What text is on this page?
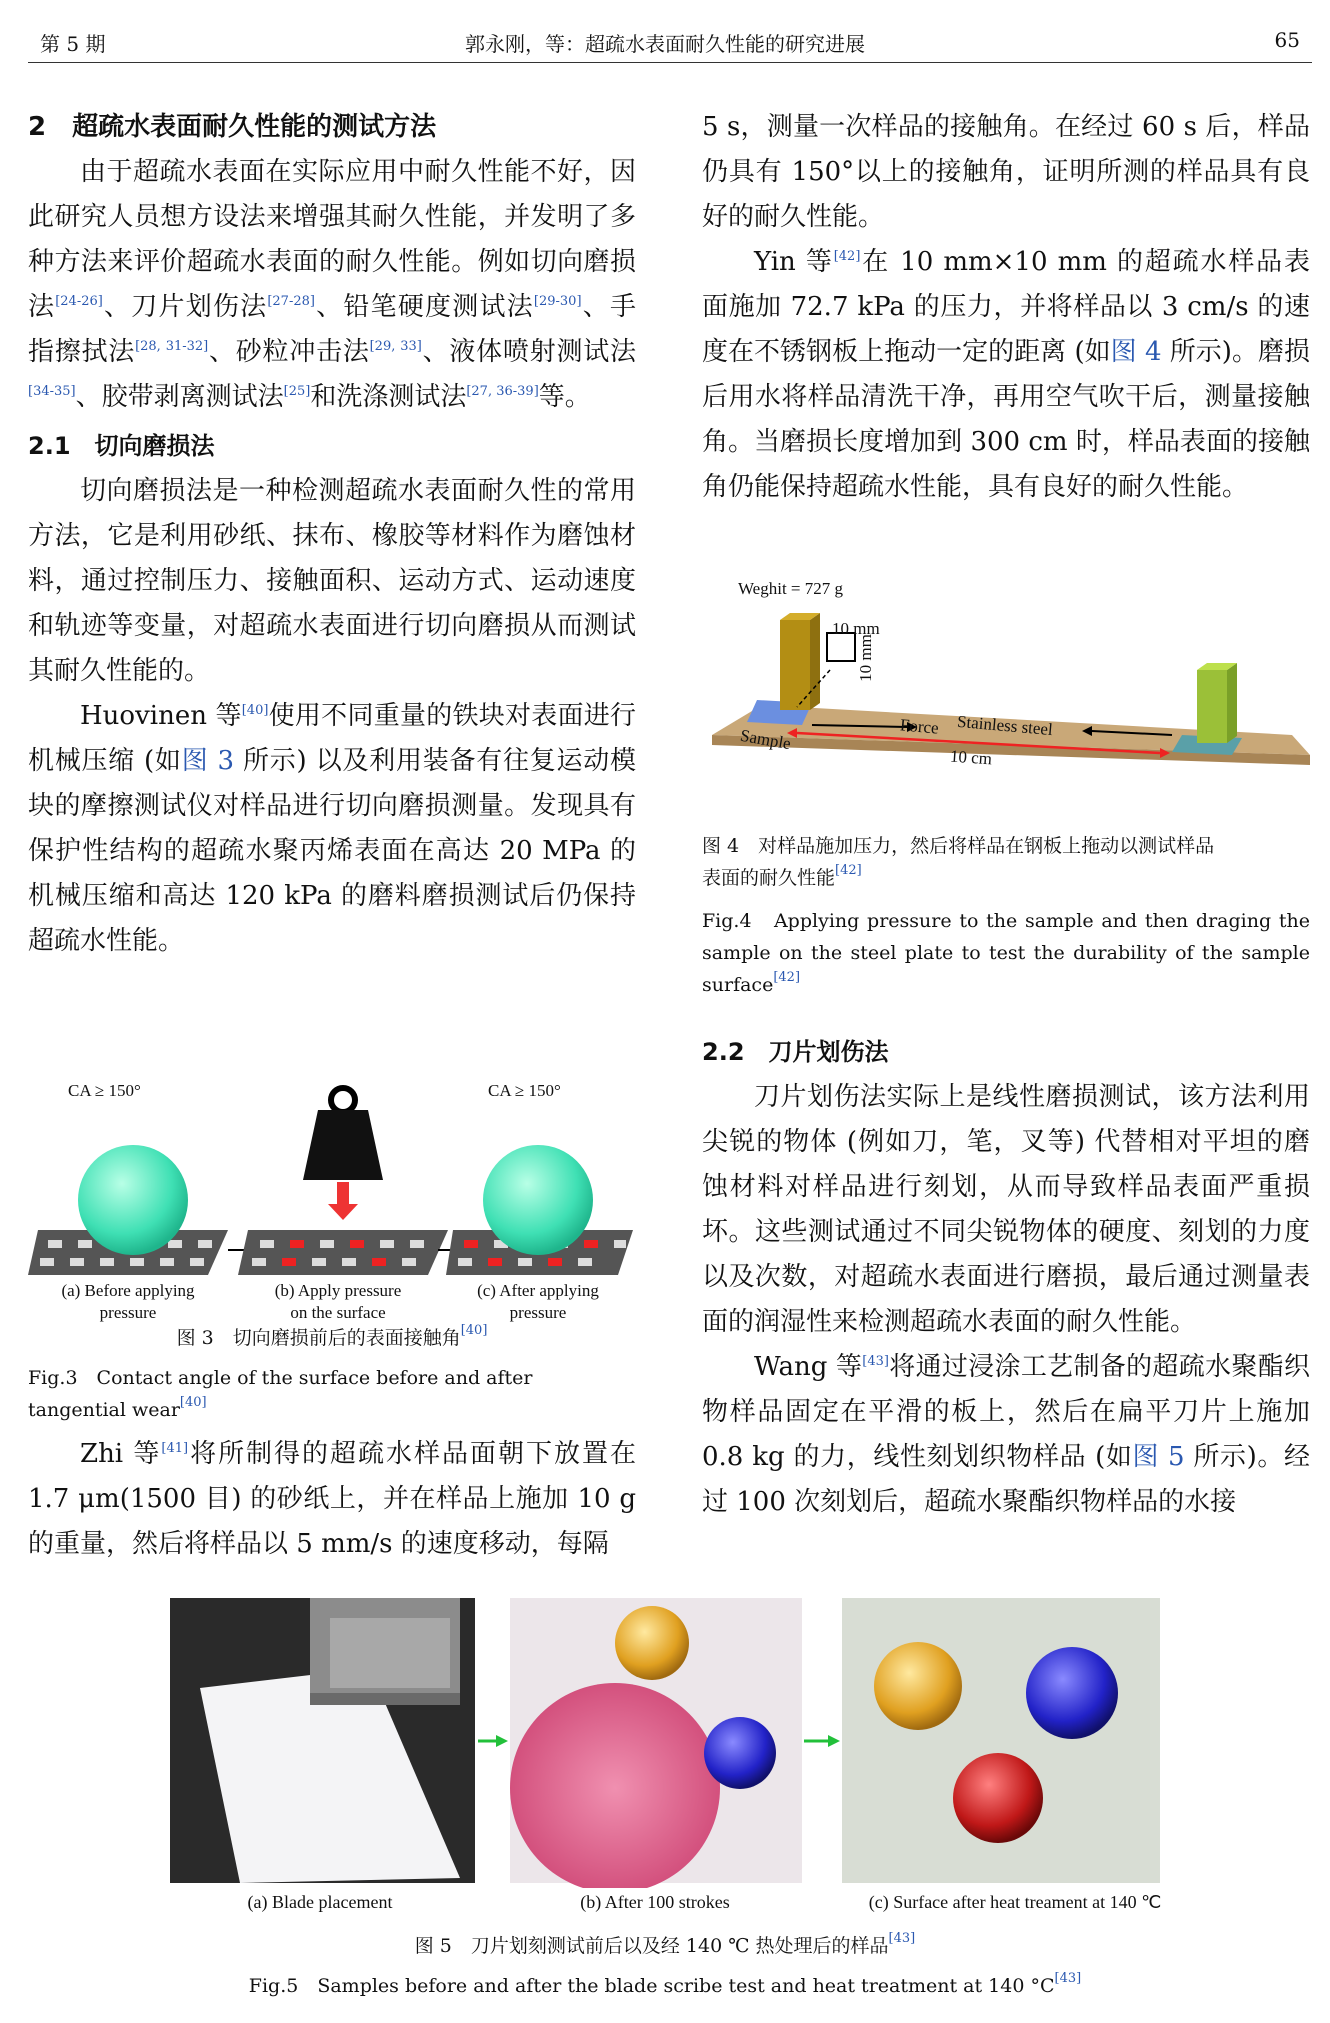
第 5 期	郭永刚，等：超疏水表面耐久性能的研究进展	65

2　超疏水表面耐久性能的测试方法

由于超疏水表面在实际应用中耐久性能不好，因此研究人员想方设法来增强其耐久性能，并发明了多种方法来评价超疏水表面的耐久性能。例如切向磨损法[24-26]、刀片划伤法[27-28]、铅笔硬度测试法[29-30]、手指擦拭法[28, 31-32]、砂粒冲击法[29, 33]、液体喷射测试法[34-35]、胶带剥离测试法[25]和洗涤测试法[27, 36-39]等。

2.1　切向磨损法

切向磨损法是一种检测超疏水表面耐久性的常用方法，它是利用砂纸、抹布、橡胶等材料作为磨蚀材料，通过控制压力、接触面积、运动方式、运动速度和轨迹等变量，对超疏水表面进行切向磨损从而测试其耐久性能的。

Huovinen 等[40]使用不同重量的铁块对表面进行机械压缩 (如图 3 所示) 以及利用装备有往复运动模块的摩擦测试仪对样品进行切向磨损测量。发现具有保护性结构的超疏水聚丙烯表面在高达 20 MPa 的机械压缩和高达 120 kPa 的磨料磨损测试后仍保持超疏水性能。

CA ≥ 150°	CA ≥ 150°
(a) Before applying
pressure
(b) Apply pressure
on the surface
(c) After applying
pressure
图 3　切向磨损前后的表面接触角[40]
Fig.3　Contact angle of the surface before and after tangential wear[40]

Zhi 等[41]将所制得的超疏水样品面朝下放置在 1.7 μm(1500 目) 的砂纸上，并在样品上施加 10 g 的重量，然后将样品以 5 mm/s 的速度移动，每隔

5 s，测量一次样品的接触角。在经过 60 s 后，样品仍具有 150°以上的接触角，证明所测的样品具有良好的耐久性能。

Yin 等[42]在 10 mm×10 mm 的超疏水样品表面施加 72.7 kPa 的压力，并将样品以 3 cm/s 的速度在不锈钢板上拖动一定的距离 (如图 4 所示)。磨损后用水将样品清洗干净，再用空气吹干后，测量接触角。当磨损长度增加到 300 cm 时，样品表面的接触角仍能保持超疏水性能，具有良好的耐久性能。

Weghit = 727 g
10 mm
10 mm
Stainless steel
Sample	Force
10 cm
图 4　对样品施加压力，然后将样品在钢板上拖动以测试样品
表面的耐久性能[42]
Fig.4　Applying pressure to the sample and then draging the sample on the steel plate to test the durability of the sample surface[42]

2.2　刀片划伤法

刀片划伤法实际上是线性磨损测试，该方法利用尖锐的物体 (例如刀，笔，叉等) 代替相对平坦的磨蚀材料对样品进行刻划，从而导致样品表面严重损坏。这些测试通过不同尖锐物体的硬度、刻划的力度以及次数，对超疏水表面进行磨损，最后通过测量表面的润湿性来检测超疏水表面的耐久性能。

Wang 等[43]将通过浸涂工艺制备的超疏水聚酯织物样品固定在平滑的板上，然后在扁平刀片上施加 0.8 kg 的力，线性刻划织物样品 (如图 5 所示)。经过 100 次刻划后，超疏水聚酯织物样品的水接

(a) Blade placement	(b) After 100 strokes	(c) Surface after heat treament at 140 ℃
图 5　刀片划刻测试前后以及经 140 ℃ 热处理后的样品[43]
Fig.5　Samples before and after the blade scribe test and heat treatment at 140 °C[43]
